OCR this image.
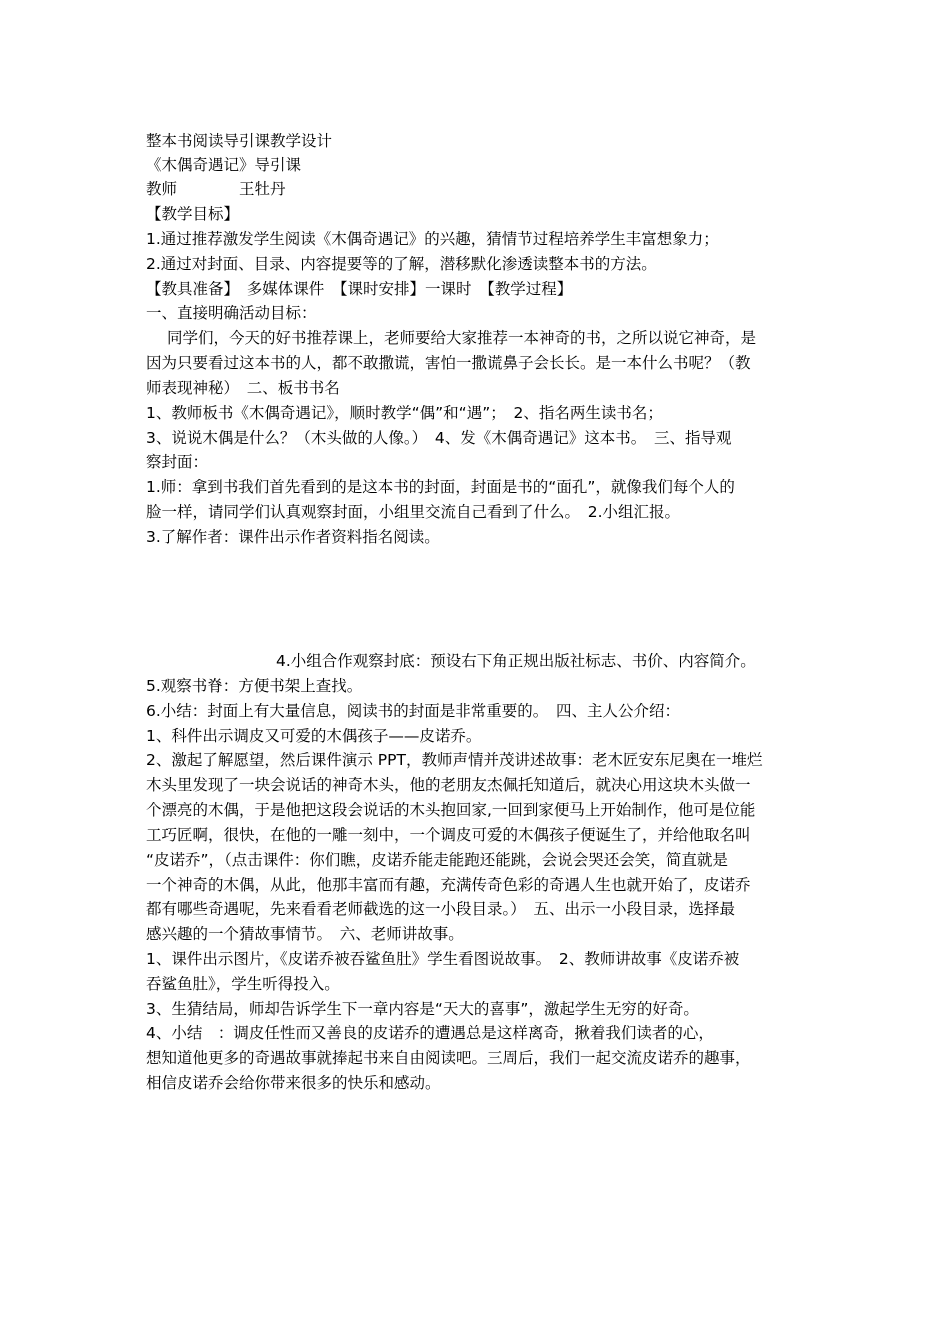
整本书阅读导引课教学设计
《木偶奇遇记》导引课
教师　　　　王牡丹
【教学目标】
1.通过推荐激发学生阅读《木偶奇遇记》的兴趣，猜情节过程培养学生丰富想象力；
2.通过对封面、目录、内容提要等的了解，潜移默化渗透读整本书的方法。
【教具准备】　多媒体课件　【课时安排】一课时　【教学过程】
一、直接明确活动目标：
同学们，今天的好书推荐课上，老师要给大家推荐一本神奇的书，之所以说它神奇，是
因为只要看过这本书的人，都不敢撒谎，害怕一撒谎鼻子会长长。是一本什么书呢？（教
师表现神秘）　二、板书书名
1、教师板书《木偶奇遇记》，顺时教学“偶”和“遇”；　2、指名两生读书名；
3、说说木偶是什么？（木头做的人像。）　4、发《木偶奇遇记》这本书。　三、指导观
察封面：
1.师：拿到书我们首先看到的是这本书的封面，封面是书的“面孔”，就像我们每个人的
脸一样，请同学们认真观察封面，小组里交流自己看到了什么。　2.小组汇报。
3.了解作者：课件出示作者资料指名阅读。
4.小组合作观察封底：预设右下角正规出版社标志、书价、内容简介。
5.观察书脊：方便书架上查找。
6.小结：封面上有大量信息，阅读书的封面是非常重要的。　四、主人公介绍：
1、科件出示调皮又可爱的木偶孩子——皮诺乔。
2、激起了解愿望，然后课件演示 PPT，教师声情并茂讲述故事：老木匠安东尼奥在一堆烂
木头里发现了一块会说话的神奇木头，他的老朋友杰佩托知道后，就决心用这块木头做一
个漂亮的木偶，于是他把这段会说话的木头抱回家,一回到家便马上开始制作，他可是位能
工巧匠啊，很快，在他的一雕一刻中，一个调皮可爱的木偶孩子便诞生了，并给他取名叫
“皮诺乔”，（点击课件：你们瞧，皮诺乔能走能跑还能跳，会说会哭还会笑，简直就是
一个神奇的木偶，从此，他那丰富而有趣，充满传奇色彩的奇遇人生也就开始了，皮诺乔
都有哪些奇遇呢，先来看看老师截选的这一小段目录。）　五、出示一小段目录，选择最
感兴趣的一个猜故事情节。　六、老师讲故事。
1、课件出示图片，《皮诺乔被吞鲨鱼肚》学生看图说故事。　2、教师讲故事《皮诺乔被
吞鲨鱼肚》，学生听得投入。
3、生猜结局，师却告诉学生下一章内容是“天大的喜事”，激起学生无穷的好奇。
4、小结　：调皮任性而又善良的皮诺乔的遭遇总是这样离奇，揪着我们读者的心，
想知道他更多的奇遇故事就捧起书来自由阅读吧。三周后，我们一起交流皮诺乔的趣事，
相信皮诺乔会给你带来很多的快乐和感动。
